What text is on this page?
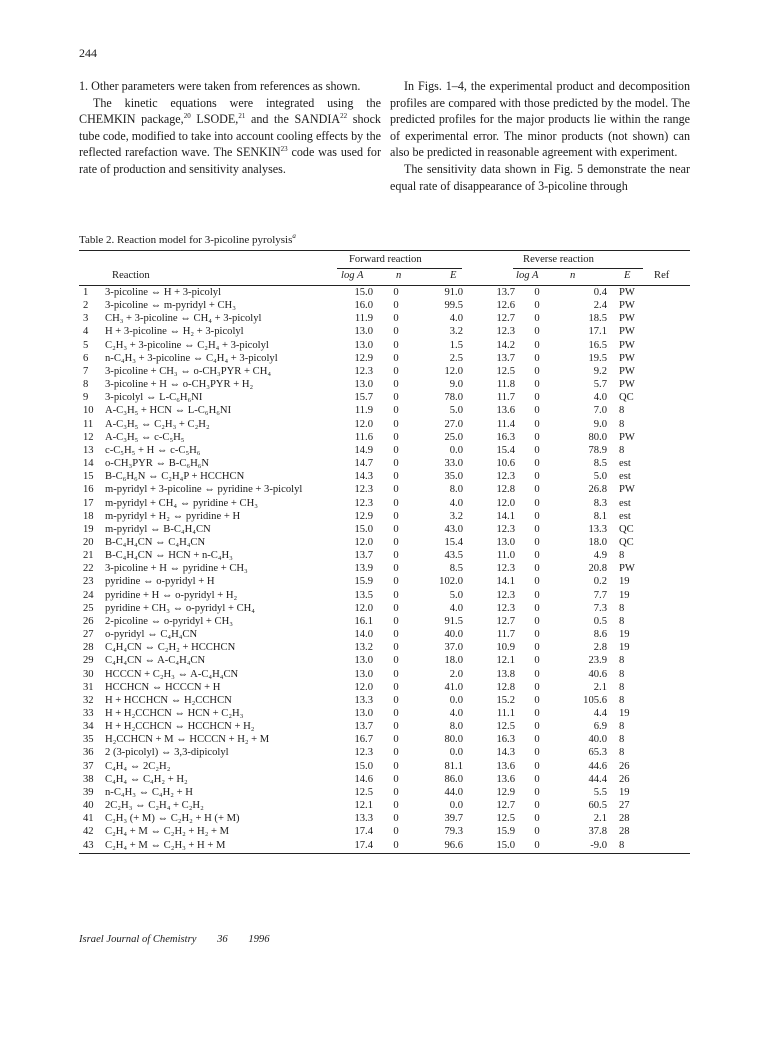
244

1. Other parameters were taken from references as shown.

The kinetic equations were integrated using the CHEMKIN package,$^{20}$ LSODE,$^{21}$ and the SANDIA$^{22}$ shock tube code, modified to take into account cooling effects by the reflected rarefaction wave. The SENKIN$^{23}$ code was used for rate of production and sensitivity analyses.

In Figs. 1–4, the experimental product and decomposition profiles are compared with those predicted by the model. The predicted profiles for the major products lie within the range of experimental error. The minor products (not shown) can also be predicted in reasonable agreement with experiment.

The sensitivity data shown in Fig. 5 demonstrate the near equal rate of disappearance of 3-picoline through

Table 2. Reaction model for 3-picoline pyrolysis$^a$
Forward reaction	Reverse reaction
Reaction	log A	n	E	log A	n	E Ref
1	3-picoline ⇔ H + 3-picolyl	15.0	0	91.0	13.7	0	0.4	PW
2	3-picoline ⇔ m-pyridyl + CH₃	16.0	0	99.5	12.6	0	2.4	PW
3	CH₃ + 3-picoline ⇔ CH₄ + 3-picolyl	11.9	0	4.0	12.7	0	18.5	PW
4	H + 3-picoline ⇔ H₂ + 3-picolyl	13.0	0	3.2	12.3	0	17.1	PW
5	C₂H₃ + 3-picoline ⇔ C₂H₄ + 3-picolyl	13.0	0	1.5	14.2	0	16.5	PW
6	n-C₄H₃ + 3-picoline ⇔ C₄H₄ + 3-picolyl	12.9	0	2.5	13.7	0	19.5	PW
7	3-picoline + CH₃ ⇔ o-CH₃PYR + CH₄	12.3	0	12.0	12.5	0	9.2	PW
8	3-picoline + H ⇔ o-CH₃PYR + H₂	13.0	0	9.0	11.8	0	5.7	PW
9	3-picolyl ⇔ L-C₆H₆NI	15.7	0	78.0	11.7	0	4.0	QC
10	A-C₃H₅ + HCN ⇔ L-C₆H₆NI	11.9	0	5.0	13.6	0	7.0	8
11	A-C₃H₅ ⇔ C₂H₃ + C₂H₂	12.0	0	27.0	11.4	0	9.0	8
12	A-C₃H₅ ⇔ c-C₅H₅	11.6	0	25.0	16.3	0	80.0	PW
13	c-C₅H₅ + H ⇔ c-C₅H₆	14.9	0	0.0	15.4	0	78.9	8
14	o-CH₃PYR ⇔ B-C₆H₆N	14.7	0	33.0	10.6	0	8.5	est
15	B-C₆H₆N ⇔ C₂H₄P + HCCHCN	14.3	0	35.0	12.3	0	5.0	est
16	m-pyridyl + 3-picoline ⇔ pyridine + 3-picolyl	12.3	0	8.0	12.8	0	26.8	PW
17	m-pyridyl + CH₄ ⇔ pyridine + CH₃	12.3	0	4.0	12.0	0	8.3	est
18	m-pyridyl + H₂ ⇔ pyridine + H	12.9	0	3.2	14.1	0	8.1	est
19	m-pyridyl ⇔ B-C₄H₄CN	15.0	0	43.0	12.3	0	13.3	QC
20	B-C₄H₄CN ⇔ C₄H₄CN	12.0	0	15.4	13.0	0	18.0	QC
21	B-C₄H₄CN ⇔ HCN + n-C₄H₃	13.7	0	43.5	11.0	0	4.9	8
22	3-picoline + H ⇔ pyridine + CH₃	13.9	0	8.5	12.3	0	20.8	PW
23	pyridine ⇔ o-pyridyl + H	15.9	0	102.0	14.1	0	0.2	19
24	pyridine + H ⇔ o-pyridyl + H₂	13.5	0	5.0	12.3	0	7.7	19
25	pyridine + CH₃ ⇔ o-pyridyl + CH₄	12.0	0	4.0	12.3	0	7.3	8
26	2-picoline ⇔ o-pyridyl + CH₃	16.1	0	91.5	12.7	0	0.5	8
27	o-pyridyl ⇔ C₄H₄CN	14.0	0	40.0	11.7	0	8.6	19
28	C₄H₄CN ⇔ C₂H₂ + HCCHCN	13.2	0	37.0	10.9	0	2.8	19
29	C₄H₄CN ⇔ A-C₄H₄CN	13.0	0	18.0	12.1	0	23.9	8
30	HCCCN + C₂H₃ ⇔ A-C₄H₄CN	13.0	0	2.0	13.8	0	40.6	8
31	HCCHCN ⇔ HCCCN + H	12.0	0	41.0	12.8	0	2.1	8
32	H + HCCHCN ⇔ H₂CCHCN	13.3	0	0.0	15.2	0	105.6	8
33	H + H₂CCHCN ⇔ HCN + C₂H₃	13.0	0	4.0	11.1	0	4.4	19
34	H + H₂CCHCN ⇔ HCCHCN + H₂	13.7	0	8.0	12.5	0	6.9	8
35	H₂CCHCN + M ⇔ HCCCN + H₂ + M	16.7	0	80.0	16.3	0	40.0	8
36	2 (3-picolyl) ⇔ 3,3-dipicolyl	12.3	0	0.0	14.3	0	65.3	8
37	C₄H₄ ⇔ 2C₂H₂	15.0	0	81.1	13.6	0	44.6	26
38	C₄H₄ ⇔ C₄H₂ + H₂	14.6	0	86.0	13.6	0	44.4	26
39	n-C₄H₃ ⇔ C₄H₂ + H	12.5	0	44.0	12.9	0	5.5	19
40	2C₂H₃ ⇔ C₂H₄ + C₂H₂	12.1	0	0.0	12.7	0	60.5	27
41	C₂H₃ (+ M) ⇔ C₂H₂ + H (+ M)	13.3	0	39.7	12.5	0	2.1	28
42	C₂H₄ + M ⇔ C₂H₂ + H₂ + M	17.4	0	79.3	15.9	0	37.8	28
43	C₂H₄ + M ⇔ C₂H₃ + H + M	17.4	0	96.6	15.0	0	-9.0	8
Israel Journal of Chemistry 36 1996
